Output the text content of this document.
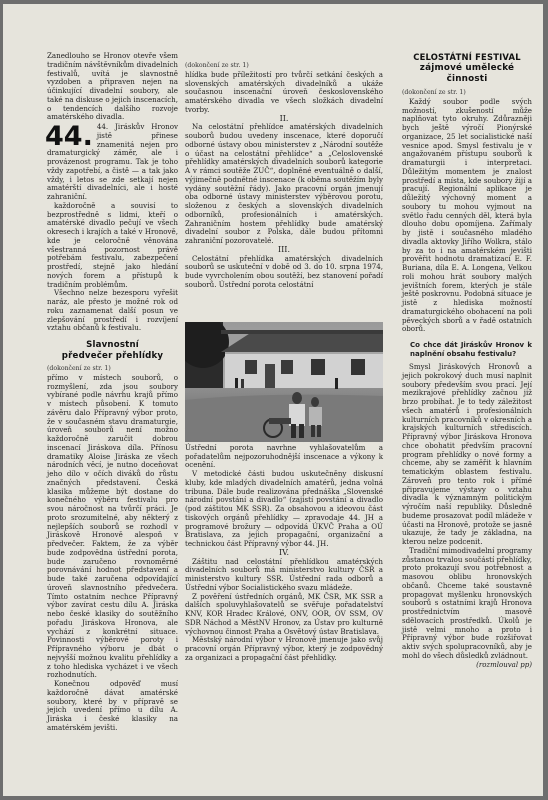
Zanedlouho se Hronov otevře všem tradičním návštěvníkům divadelních festivalů, uvítá je slavnostně vyzdoben a připraven nejen na účinkující divadelní soubory, ale také na diskuse o jejich inscenacích, o tendencích dalšího rozvoje amatérského divadla.

44. 44. Jiráskův Hronov jistě přinese znamenitá nejen pro dramaturgický záměr, ale i provázenost programu. Tak je toho vždy zapotřebí, a čistě — a tak jako vždy, i letos se zde setkají nejen amatérští divadelníci, ale i hosté zahraniční.

každoročně a souvisí to bezprostředně s lidmi, kteří o amatérské divadlo pečují ve všech okresech i krajích a také v Hronově, kde je celoročně věnována všestranná pozornost právě potřebám festivalu, zabezpečení prostředí, stejně jako hledání nových forem a přístupů k tradičním problémům.

Všechno nelze bezesporu vyřešit naráz, ale přesto je možné rok od roku zaznamenat další posun ve zlepšování prostředí i rozvíjení vztahu občanů k festivalu.

Slavnostní
předvečer přehlídky

(dokončení ze str. 1)

přímo v místech souborů, o rozmyšlení, zda jsou soubory vybírané podle návrhu krajů přímo v místech působení. K tomuto závěru dalo Přípravný výbor proto, že v současném stavu dramaturgie, úroveň souborů není možno každoročně zaručit dobrou inscenací Jiráskova díla. Přínosu dramatiky Aloise Jiráska ze všech národních věcí, je nutno doceňovat jeho dílo v očích diváků do růstu značných představení. Česká klasika můžeme být dostane do konečného výběru festivalu pro svou náročnost na tvůrčí práci. Je proto srozumitelné, aby některý z nejlepších souborů se rozhodl v Jiráskově Hronově alespoň v předvečer. Faktem, že za výběr bude zodpovědna ústřední porota, bude zaručeno rovnoměrné porovnávání hodnot představení a bude také zaručena odpovídající úroveň slavnostního předvečera. Tímto ostatním nechce Přípravný výbor zavírat cestu dílu A. Jiráska nebo české klasiky do soutěžního pořadu Jiráskova Hronova, ale vychází z konkrétní situace. Povinnosti výběrové poroty i Přípravného výboru je dbát o nejvyšší možnou kvalitu přehlídky a z toho hlediska vycházet i ve všech rozhodnutích.

Konečnou odpověď musí každoročně dávat amatérské soubory, které by v přípravě se jejich uvedení přímo u dílu A. Jiráska i české klasiky na amatérském jevišti.

(dokončení ze str. 1)

hlídka bude příležitostí pro tvůrčí setkání českých a slovenských amatérských divadelníků a ukáže současnou inscenační úroveň československého amatérského divadla ve všech složkách divadelní tvorby.

II.

Na celostátní přehlídce amatérských divadelních souborů budou uvedeny inscenace, které doporučí odborné ústavy obou ministerstev z „Národní soutěže o účast na celostátní přehlídce“ a „Celoslovenské přehlídky amatérských divadelních souborů kategorie A v rámci soutěže ZUČ“, doplněné eventuálně o další, výjimečně podnětné inscenace (k oběma soutěžím byly vydány soutěžní řády). Jako pracovní orgán jmenují oba odborné ústavy ministerstev výběrovou porotu, složenou z českých a slovenských divadelních odborníků, profesionálních i amatérských. Zahraničním hostem přehlídky bude amatérský divadelní soubor z Polska, dále budou přítomni zahraniční pozorovatelé.

III.

Celostátní přehlídka amatérských divadelních souborů se uskuteční v době od 3. do 10. srpna 1974, bude vyvrcholením obou soutěží, bez stanovení pořadí souborů. Ústřední porota celostátní

Ústřední porota navrhne vyhlašovatelům a pořadatelům nejpozoruhodnější inscenace a výkony k ocenění.

V metodické části budou uskutečněny diskusní kluby, kde mladých divadelních amatérů, jedna volná tribuna. Dále bude realizována přednáška „Slovenské národní povstání a divadlo“ (zajistí povstání a divadlo (pod záštitou MK SSR). Za obsahovou a ideovou část tiskových orgánů přehlídky — zpravodaje 44. JH a programové brožury — odpovídá ÚKVČ Praha a OÚ Bratislava, za jejich propagační, organizační a technickou část Přípravný výbor 44. JH.

IV.

Záštitu nad celostátní přehlídkou amatérských divadelních souborů má ministerstvo kultury ČSR a ministerstvo kultury SSR. Ústřední rada odborů a Ústřední výbor Socialistického svazu mládeže.

Z pověření ústředních orgánů, MK ČSR, MK SSR a dalších spoluvyhlašovatelů se svěřuje pořadatelství KNV, KOR Hradec Králové, ONV, OOR, OV SSM, OV SDR Náchod a MěstNV Hronov, za Ústav pro kulturně výchovnou činnost Praha a Osvětový ústav Bratislava.

Městský národní výbor v Hronově jmenuje jako svůj pracovní orgán Přípravný výbor, který je zodpovědný za organizaci a propagační část přehlídky.

CELOSTÁTNÍ FESTIVAL
zájmové umělecké činnosti

(dokončení ze str. 1)

Každý soubor podle svých možností, zkušeností může naplňovat tyto okruhy. Zdůrazněji bych ještě výročí Pionýrské organizace, 25 let socialistické naší vesnice apod. Smysl festivalu je v angažovaném přístupu souborů k dramaturgii i interpretaci. Důležitým momentem je znalost prostředí a místa, kde soubory žijí a pracují. Regionální aplikace je důležitý výchovný moment a soubory tu mohou vyjmout na světlo řadu cenných děl, která byla dlouho dobu opomíjena. Zařímaly by jistě i současného mladého divadla aktovky Jiřího Wolkra, stálo by za to i na amatérském jevišti prověřit hodnotu dramatizací E. F. Buriana, díla E. A. Longena, Velkou roli mohou hrát soubory malých jevištních forem, kterých je stále ještě poskrovnu. Podobná situace je jistě z hlediska možností dramaturgického obohacení na poli pěveckých sborů a v řadě ostatních oborů.

Co chce dát Jiráskův Hronov k naplnění obsahu festivalu?

Smysl Jiráskových Hronovů a jejich pokrokový duch musí naplnit soubory především svou prací. Její mezikrajové přehlídky začnou již brzo probíhat. Je to tedy záležitost všech amatérů i profesionálních kulturních pracovníků v okresních a krajských kulturních střediscích. Přípravný výbor Jiráskova Hronova chce obohatit předvším pracovní program přehlídky o nové formy a chceme, aby se zaměřit k hlavním tematickým oblastem festivalu. Zároveň pro tento rok i přímé připravujeme výstavy o vztahu divadla k významným politickým výročím naší republiky. Důsledně budeme prosazovat podíl mládeže v účasti na Hronově, protože se jasně ukazuje, že tady je základna, na kterou nelze podcenit.

Tradiční mimodivadelní programy zůstanou trvalou součástí přehlídky, proto prokazují svou potřebnost a masovou oblibu hronovských občanů. Chceme také soustavně propagovat myšlenku hronovských souborů s ostatními krajů Hronova prostřednictvím masově sdělovacích prostředků. Úkolů je jistě velmi mnoho a proto i Přípravný výbor bude rozšiřovat aktiv svých spolupracovníků, aby je mohl do všech důsledků zvládnout.

(rozmlouval pp)
